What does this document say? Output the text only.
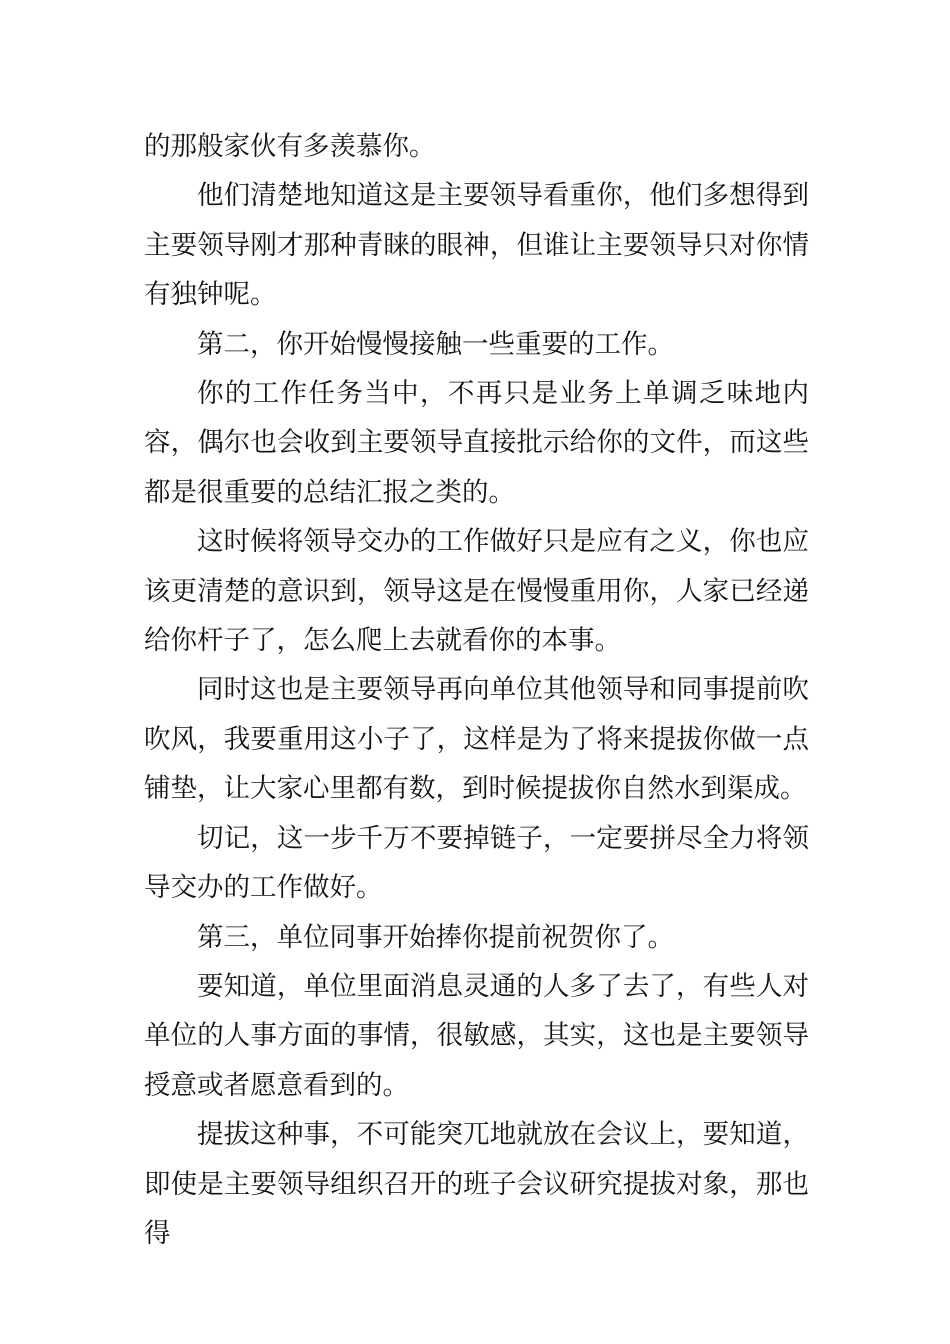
的那般家伙有多羡慕你。

他们清楚地知道这是主要领导看重你，他们多想得到主要领导刚才那种青睐的眼神，但谁让主要领导只对你情有独钟呢。

第二，你开始慢慢接触一些重要的工作。

你的工作任务当中，不再只是业务上单调乏味地内容，偶尔也会收到主要领导直接批示给你的文件，而这些都是很重要的总结汇报之类的。

这时候将领导交办的工作做好只是应有之义，你也应该更清楚的意识到，领导这是在慢慢重用你，人家已经递给你杆子了，怎么爬上去就看你的本事。

同时这也是主要领导再向单位其他领导和同事提前吹吹风，我要重用这小子了，这样是为了将来提拔你做一点铺垫，让大家心里都有数，到时候提拔你自然水到渠成。

切记，这一步千万不要掉链子，一定要拼尽全力将领导交办的工作做好。

第三，单位同事开始捧你提前祝贺你了。

要知道，单位里面消息灵通的人多了去了，有些人对单位的人事方面的事情，很敏感，其实，这也是主要领导授意或者愿意看到的。

提拔这种事，不可能突兀地就放在会议上，要知道，即使是主要领导组织召开的班子会议研究提拔对象，那也得
